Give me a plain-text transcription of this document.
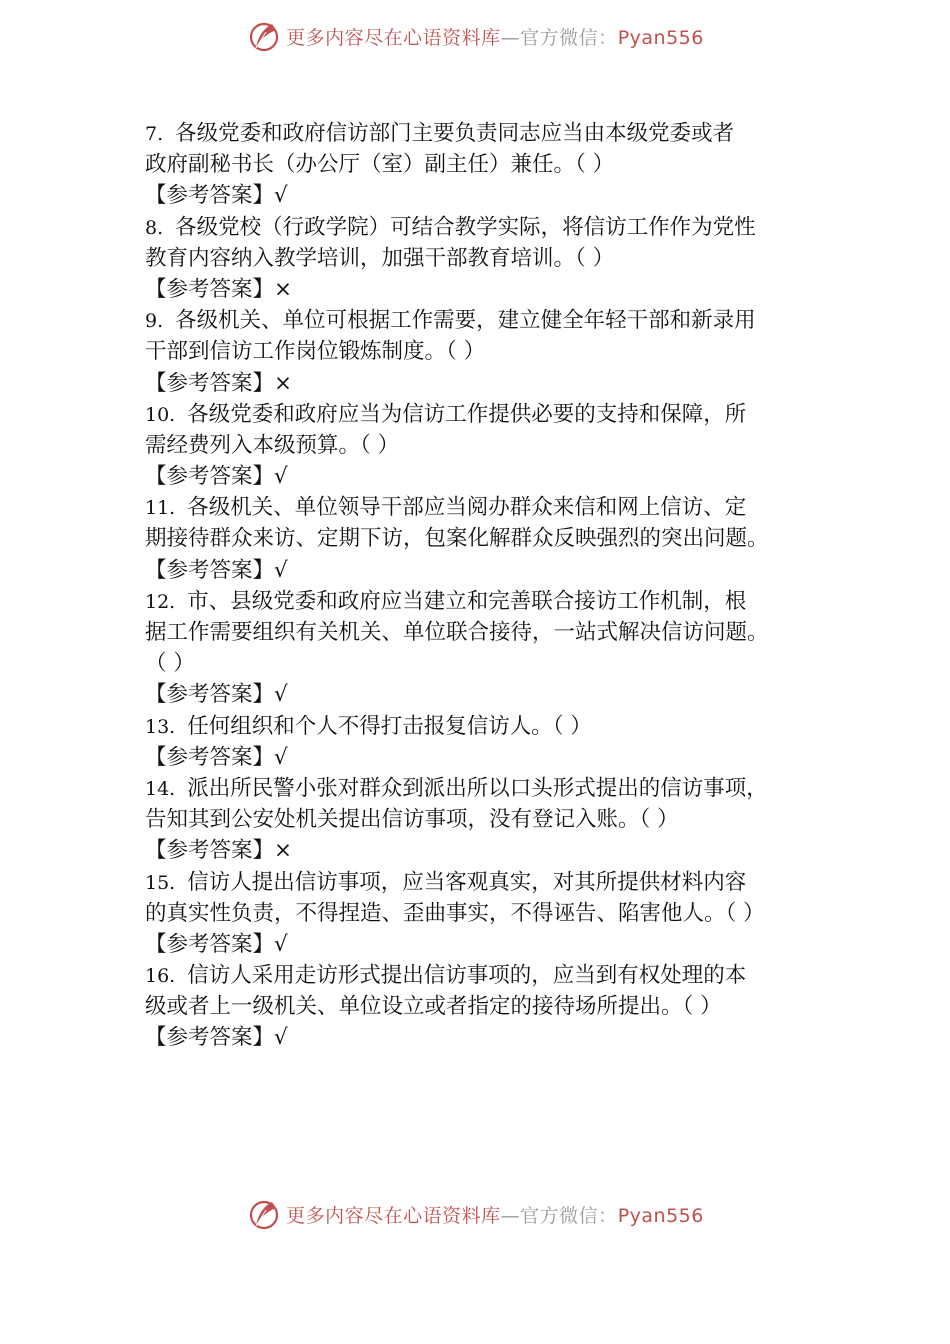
更多内容尽在心语资料库—官方微信：Pyan556
7. 各级党委和政府信访部门主要负责同志应当由本级党委或者
政府副秘书长（办公厅（室）副主任）兼任。（ ）
【参考答案】√
8. 各级党校（行政学院）可结合教学实际，将信访工作作为党性
教育内容纳入教学培训，加强干部教育培训。（ ）
【参考答案】×
9. 各级机关、单位可根据工作需要，建立健全年轻干部和新录用
干部到信访工作岗位锻炼制度。（ ）
【参考答案】×
10. 各级党委和政府应当为信访工作提供必要的支持和保障，所
需经费列入本级预算。（ ）
【参考答案】√
11. 各级机关、单位领导干部应当阅办群众来信和网上信访、定
期接待群众来访、定期下访，包案化解群众反映强烈的突出问题。
【参考答案】√
12. 市、县级党委和政府应当建立和完善联合接访工作机制，根
据工作需要组织有关机关、单位联合接待，一站式解决信访问题。
（ ）
【参考答案】√
13. 任何组织和个人不得打击报复信访人。（ ）
【参考答案】√
14. 派出所民警小张对群众到派出所以口头形式提出的信访事项，
告知其到公安处机关提出信访事项，没有登记入账。（ ）
【参考答案】×
15. 信访人提出信访事项，应当客观真实，对其所提供材料内容
的真实性负责，不得捏造、歪曲事实，不得诬告、陷害他人。（ ）
【参考答案】√
16. 信访人采用走访形式提出信访事项的，应当到有权处理的本
级或者上一级机关、单位设立或者指定的接待场所提出。（ ）
【参考答案】√
更多内容尽在心语资料库—官方微信：Pyan556
